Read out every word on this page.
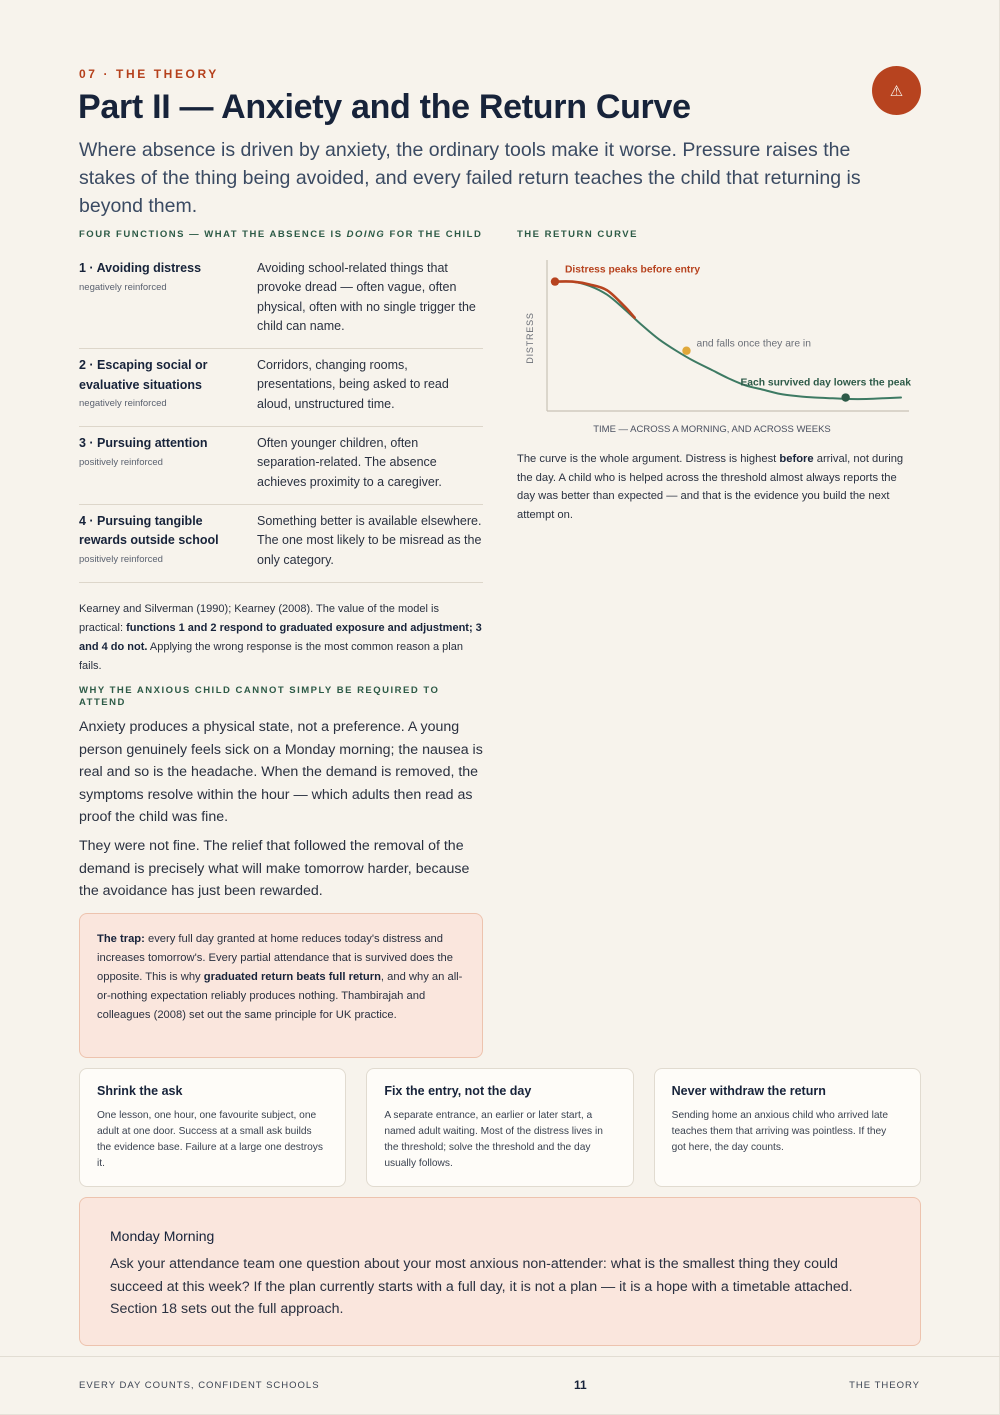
07 · THE THEORY
⚠
Part II — Anxiety and the Return Curve

Where absence is driven by anxiety, the ordinary tools make it worse. Pressure raises the stakes of the thing being avoided, and every failed return teaches the child that returning is beyond them.

FOUR FUNCTIONS — WHAT THE ABSENCE IS DOING FOR THE CHILD
1 · Avoiding distress
negatively reinforced
Avoiding school-related things that provoke dread — often vague, often physical, often with no single trigger the child can name.
2 · Escaping social or evaluative situations
negatively reinforced
Corridors, changing rooms, presentations, being asked to read aloud, unstructured time.
3 · Pursuing attention
positively reinforced
Often younger children, often separation-related. The absence achieves proximity to a caregiver.
4 · Pursuing tangible rewards outside school
positively reinforced
Something better is available elsewhere. The one most likely to be misread as the only category.

Kearney and Silverman (1990); Kearney (2008). The value of the model is practical: functions 1 and 2 respond to graduated exposure and adjustment; 3 and 4 do not. Applying the wrong response is the most common reason a plan fails.

WHY THE ANXIOUS CHILD CANNOT SIMPLY BE REQUIRED TO ATTEND

Anxiety produces a physical state, not a preference. A young person genuinely feels sick on a Monday morning; the nausea is real and so is the headache. When the demand is removed, the symptoms resolve within the hour — which adults then read as proof the child was fine.

They were not fine. The relief that followed the removal of the demand is precisely what will make tomorrow harder, because the avoidance has just been rewarded.

The trap: every full day granted at home reduces today's distress and increases tomorrow's. Every partial attendance that is survived does the opposite. This is why graduated return beats full return, and why an all-or-nothing expectation reliably produces nothing. Thambirajah and colleagues (2008) set out the same principle for UK practice.
THE RETURN CURVE
DISTRESS
TIME — ACROSS A MORNING, AND ACROSS WEEKS
Distress peaks before entry
and falls once they are in
Each survived day lowers the peak

The curve is the whole argument. Distress is highest before arrival, not during the day. A child who is helped across the threshold almost always reports the day was better than expected — and that is the evidence you build the next attempt on.

Shrink the ask
One lesson, one hour, one favourite subject, one adult at one door. Success at a small ask builds the evidence base. Failure at a large one destroys it.
Fix the entry, not the day
A separate entrance, an earlier or later start, a named adult waiting. Most of the distress lives in the threshold; solve the threshold and the day usually follows.
Never withdraw the return
Sending home an anxious child who arrived late teaches them that arriving was pointless. If they got here, the day counts.
Monday Morning
Ask your attendance team one question about your most anxious non-attender: what is the smallest thing they could succeed at this week? If the plan currently starts with a full day, it is not a plan — it is a hope with a timetable attached. Section 18 sets out the full approach.
EVERY DAY COUNTS, CONFIDENT SCHOOLS	11	THE THEORY
